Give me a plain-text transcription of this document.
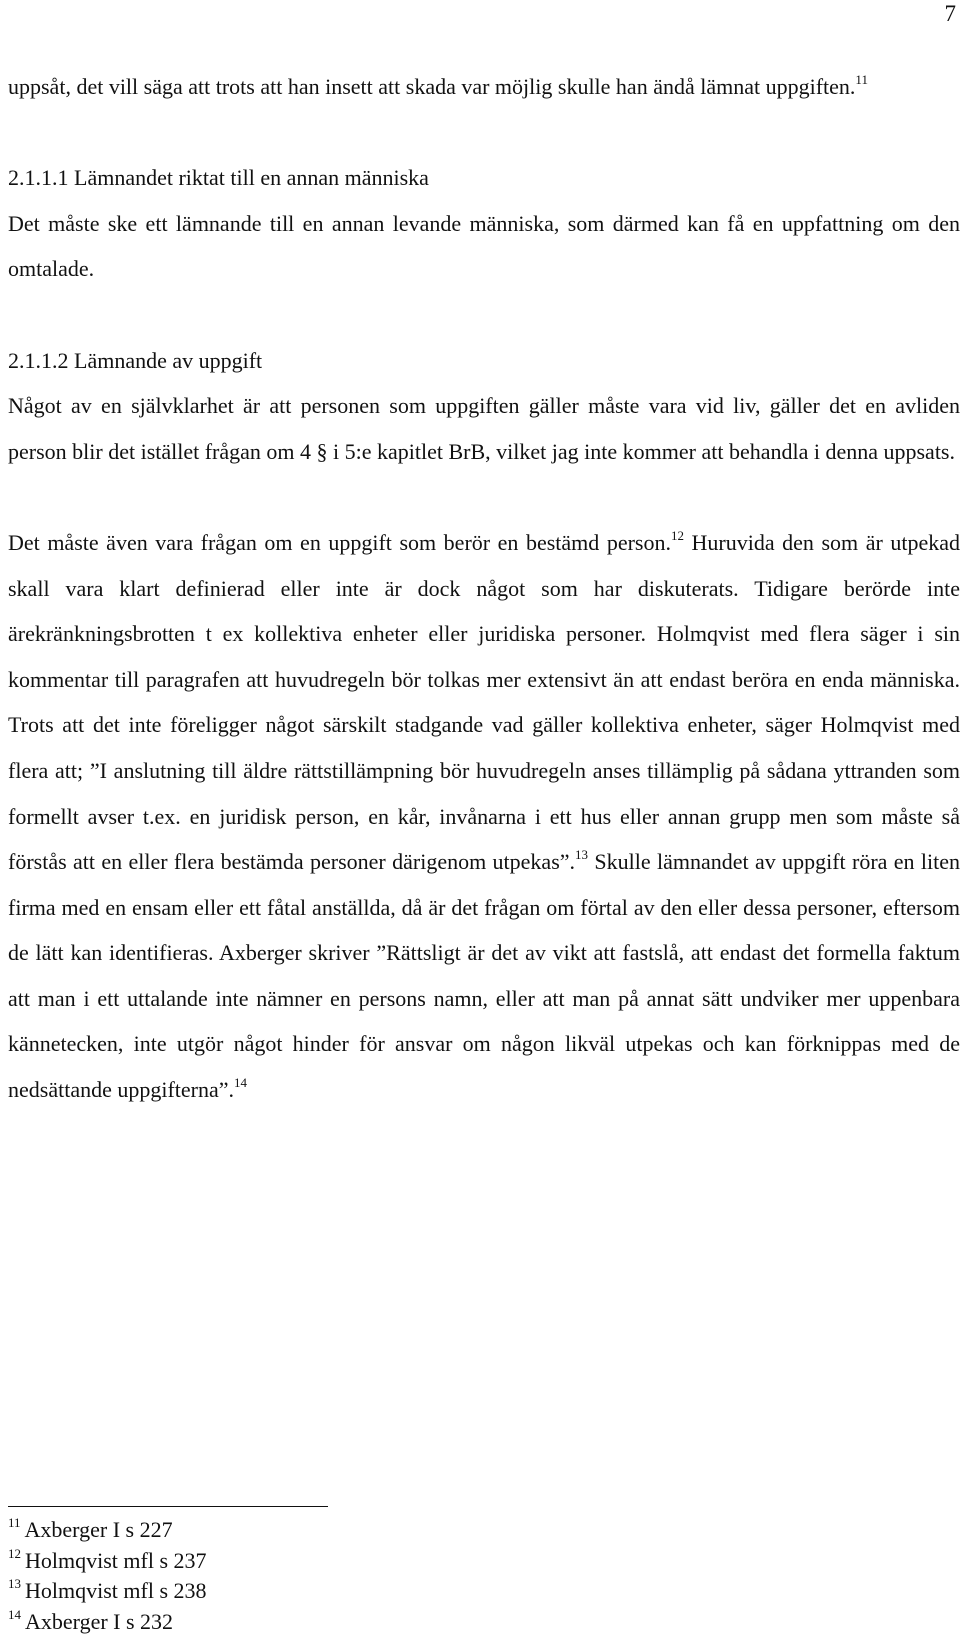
7

uppsåt, det vill säga att trots att han insett att skada var möjlig skulle han ändå lämnat uppgiften.$^{11}$

2.1.1.1 Lämnandet riktat till en annan människa

Det måste ske ett lämnande till en annan levande människa, som därmed kan få en uppfattning om den omtalade.

2.1.1.2 Lämnande av uppgift

Något av en självklarhet är att personen som uppgiften gäller måste vara vid liv, gäller det en avliden person blir det istället frågan om 4 § i 5:e kapitlet BrB, vilket jag inte kommer att behandla i denna uppsats.

Det måste även vara frågan om en uppgift som berör en bestämd person.$^{12}$ Huruvida den som är utpekad skall vara klart definierad eller inte är dock något som har diskuterats. Tidigare berörde inte ärekränkningsbrotten t ex kollektiva enheter eller juridiska personer. Holmqvist med flera säger i sin kommentar till paragrafen att huvudregeln bör tolkas mer extensivt än att endast beröra en enda människa. Trots att det inte föreligger något särskilt stadgande vad gäller kollektiva enheter, säger Holmqvist med flera att; ”I anslutning till äldre rättstillämpning bör huvudregeln anses tillämplig på sådana yttranden som formellt avser t.ex. en juridisk person, en kår, invånarna i ett hus eller annan grupp men som måste så förstås att en eller flera bestämda personer därigenom utpekas”.$^{13}$ Skulle lämnandet av uppgift röra en liten firma med en ensam eller ett fåtal anställda, då är det frågan om förtal av den eller dessa personer, eftersom de lätt kan identifieras. Axberger skriver ”Rättsligt är det av vikt att fastslå, att endast det formella faktum att man i ett uttalande inte nämner en persons namn, eller att man på annat sätt undviker mer uppenbara kännetecken, inte utgör något hinder för ansvar om någon likväl utpekas och kan förknippas med de nedsättande uppgifterna”.$^{14}$

$^{11}$ Axberger I s 227
$^{12}$ Holmqvist mfl s 237
$^{13}$ Holmqvist mfl s 238
$^{14}$ Axberger I s 232
